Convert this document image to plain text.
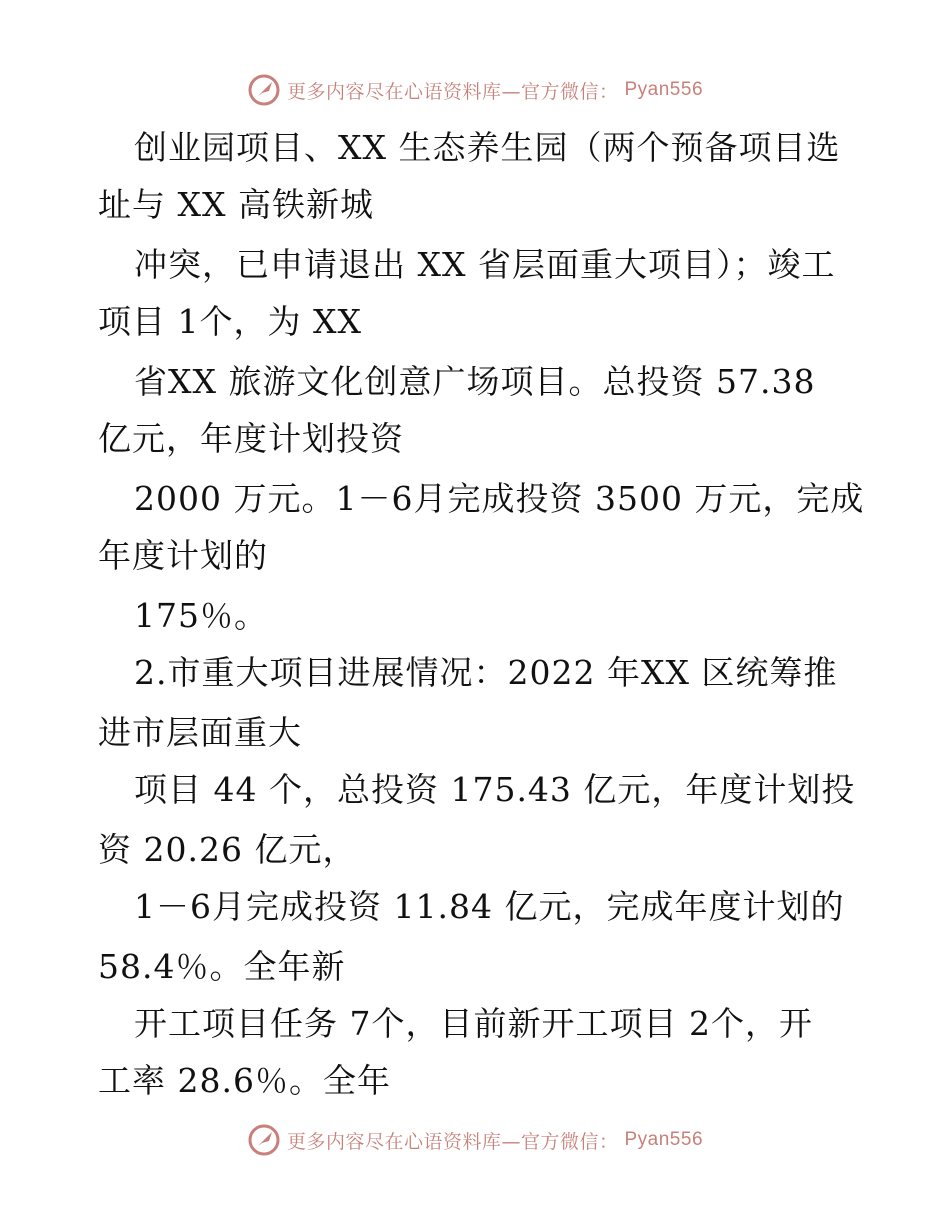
更多内容尽在心语资料库—官方微信： Pyan556
创业园项目、XX 生态养生园（两个预备项目选
址与 XX 高铁新城
冲突，已申请退出 XX 省层面重大项目）；竣工
项目 1个，为 XX
省XX 旅游文化创意广场项目。总投资 57.38
亿元，年度计划投资
2000 万元。1－6月完成投资 3500 万元，完成
年度计划的
175％。
2.市重大项目进展情况：2022 年XX 区统筹推
进市层面重大
项目 44 个，总投资 175.43 亿元，年度计划投
资 20.26 亿元，
1－6月完成投资 11.84 亿元，完成年度计划的
58.4％。全年新
开工项目任务 7个，目前新开工项目 2个，开
工率 28.6％。全年
更多内容尽在心语资料库—官方微信： Pyan556
